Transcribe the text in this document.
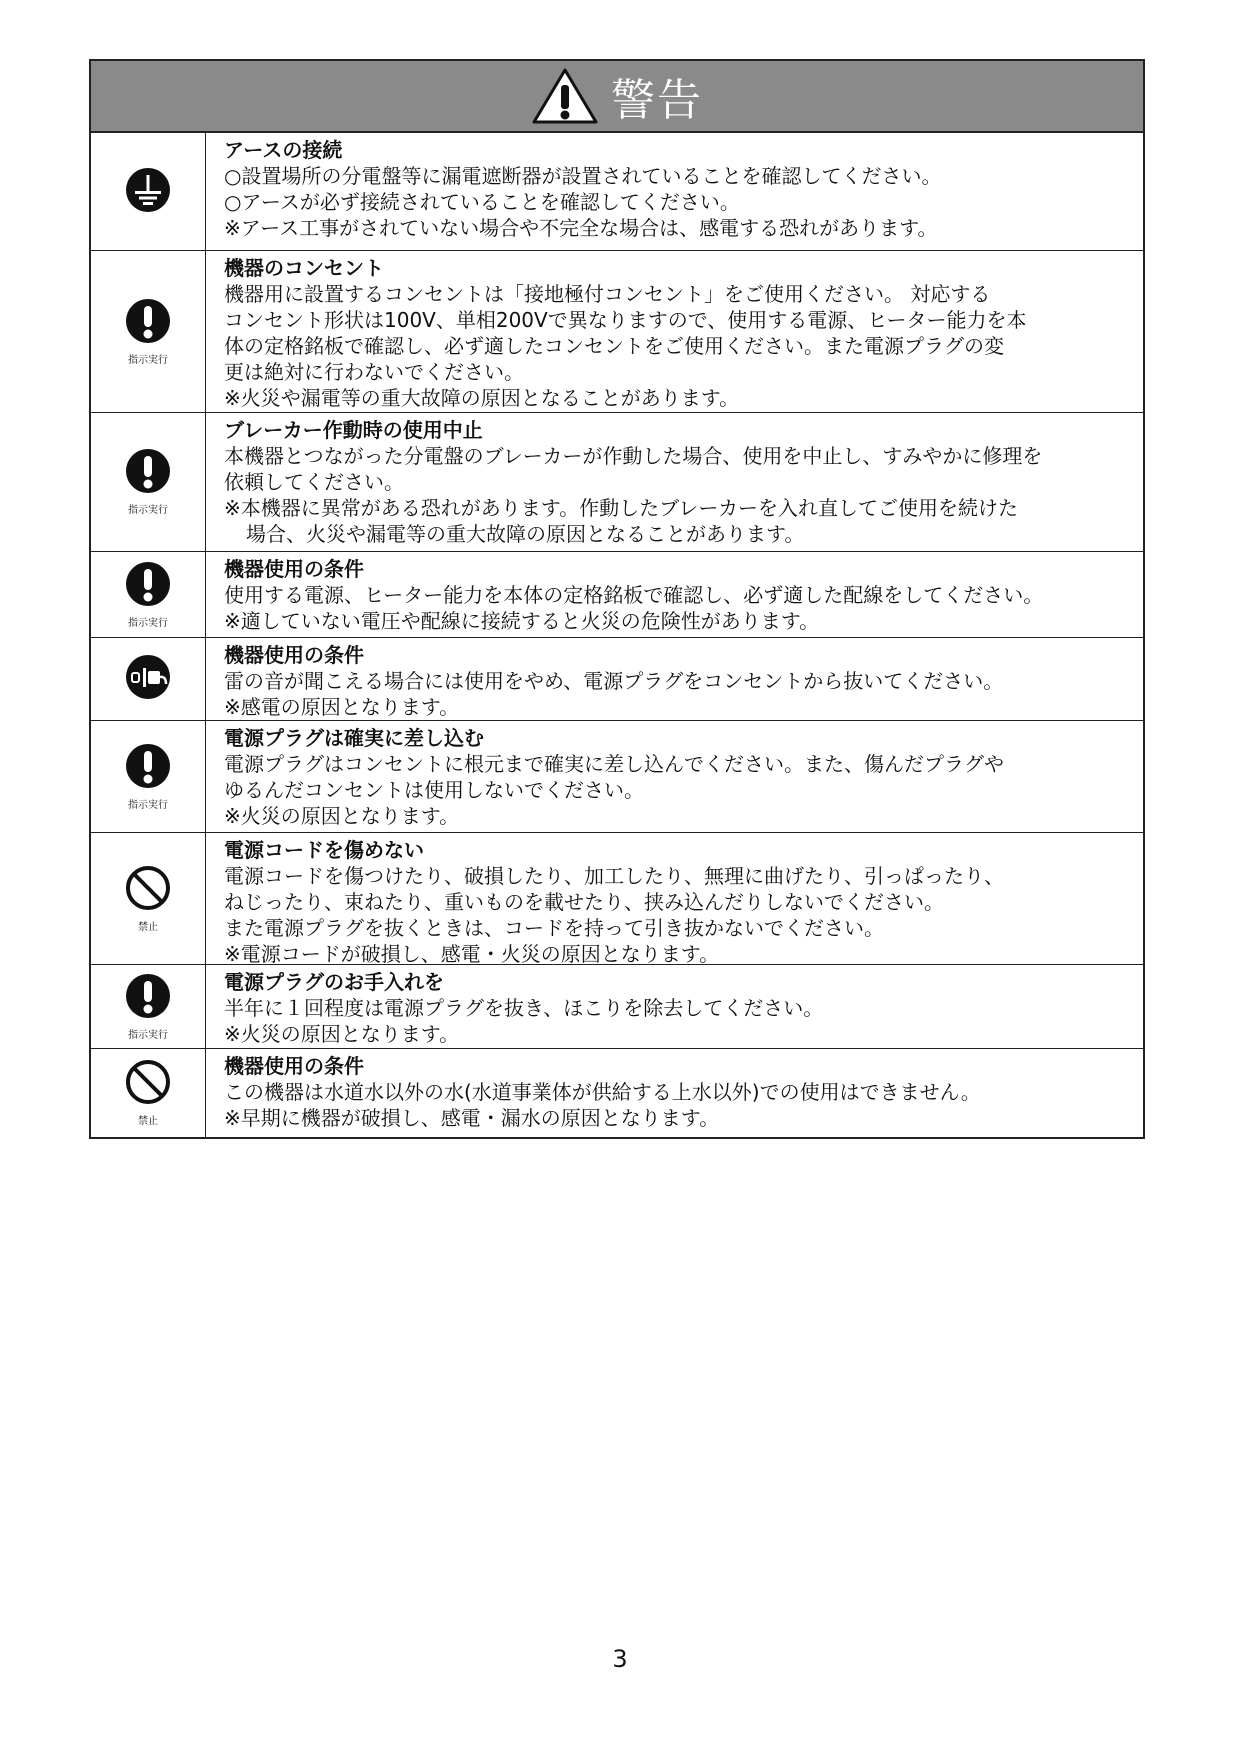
警告
アースの接続
○設置場所の分電盤等に漏電遮断器が設置されていることを確認してください。
○アースが必ず接続されていることを確認してください。
※アース工事がされていない場合や不完全な場合は、感電する恐れがあります。
指示実行
機器のコンセント
機器用に設置するコンセントは「接地極付コンセント」をご使用ください。 対応する
コンセント形状は100V、単相200Vで異なりますので、使用する電源、ヒーター能力を本
体の定格銘板で確認し、必ず適したコンセントをご使用ください。また電源プラグの変
更は絶対に行わないでください。
※火災や漏電等の重大故障の原因となることがあります。
指示実行
ブレーカー作動時の使用中止
本機器とつながった分電盤のブレーカーが作動した場合、使用を中止し、すみやかに修理を
依頼してください。
※本機器に異常がある恐れがあります。作動したブレーカーを入れ直してご使用を続けた
場合、火災や漏電等の重大故障の原因となることがあります。
指示実行
機器使用の条件
使用する電源、ヒーター能力を本体の定格銘板で確認し、必ず適した配線をしてください。
※適していない電圧や配線に接続すると火災の危険性があります。
機器使用の条件
雷の音が聞こえる場合には使用をやめ、電源プラグをコンセントから抜いてください。
※感電の原因となります。
指示実行
電源プラグは確実に差し込む
電源プラグはコンセントに根元まで確実に差し込んでください。また、傷んだプラグや
ゆるんだコンセントは使用しないでください。
※火災の原因となります。
禁止
電源コードを傷めない
電源コードを傷つけたり、破損したり、加工したり、無理に曲げたり、引っぱったり、
ねじったり、束ねたり、重いものを載せたり、挟み込んだりしないでください。
また電源プラグを抜くときは、コードを持って引き抜かないでください。
※電源コードが破損し、感電・火災の原因となります。
指示実行
電源プラグのお手入れを
半年に１回程度は電源プラグを抜き、ほこりを除去してください。
※火災の原因となります。
禁止
機器使用の条件
この機器は水道水以外の水(水道事業体が供給する上水以外)での使用はできません。
※早期に機器が破損し、感電・漏水の原因となります。
3
